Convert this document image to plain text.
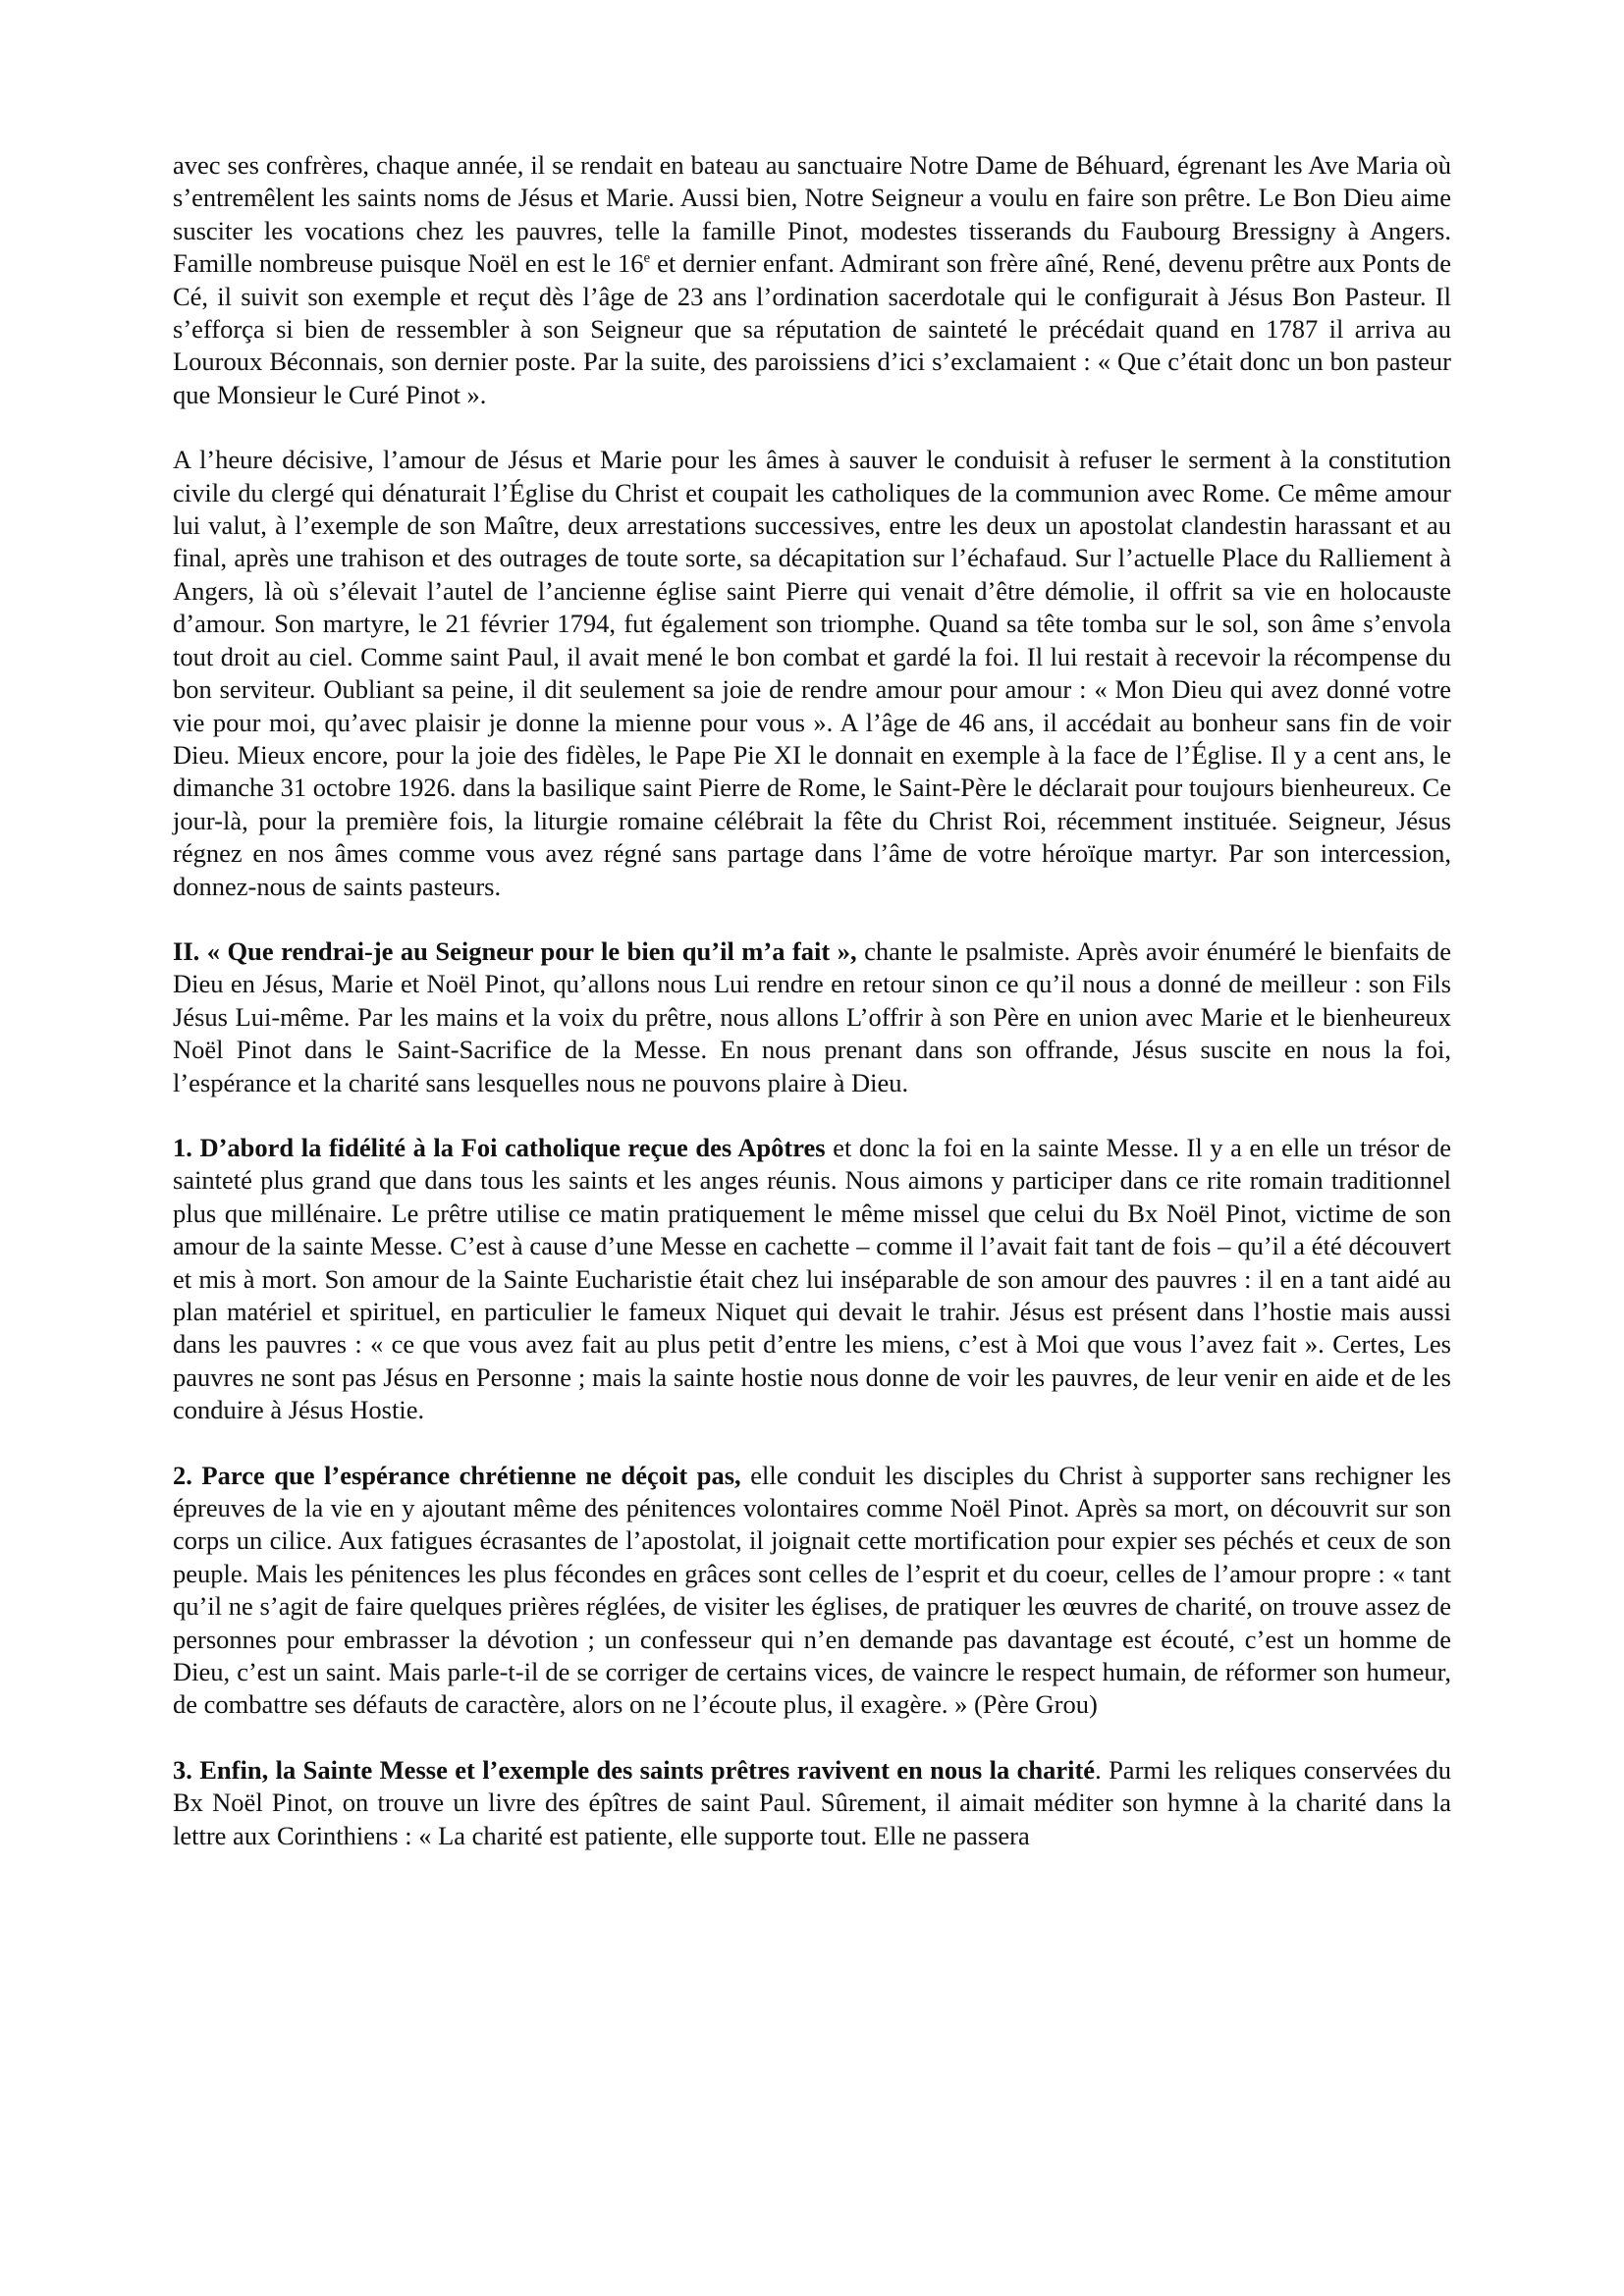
avec ses confrères, chaque année, il se rendait en bateau au sanctuaire Notre Dame de Béhuard, égrenant les Ave Maria où s’entremêlent les saints noms de Jésus et Marie. Aussi bien, Notre Seigneur a voulu en faire son prêtre. Le Bon Dieu aime susciter les vocations chez les pauvres, telle la famille Pinot, modestes tisserands du Faubourg Bressigny à Angers. Famille nombreuse puisque Noël en est le 16e et dernier enfant. Admirant son frère aîné, René, devenu prêtre aux Ponts de Cé, il suivit son exemple et reçut dès l’âge de 23 ans l’ordination sacerdotale qui le configurait à Jésus Bon Pasteur. Il s’efforça si bien de ressembler à son Seigneur que sa réputation de sainteté le précédait quand en 1787 il arriva au Louroux Béconnais, son dernier poste. Par la suite, des paroissiens d’ici s’exclamaient : « Que c’était donc un bon pasteur que Monsieur le Curé Pinot ».

A l’heure décisive, l’amour de Jésus et Marie pour les âmes à sauver le conduisit à refuser le serment à la constitution civile du clergé qui dénaturait l’Église du Christ et coupait les catholiques de la communion avec Rome. Ce même amour lui valut, à l’exemple de son Maître, deux arrestations successives, entre les deux un apostolat clandestin harassant et au final, après une trahison et des outrages de toute sorte, sa décapitation sur l’échafaud. Sur l’actuelle Place du Ralliement à Angers, là où s’élevait l’autel de l’ancienne église saint Pierre qui venait d’être démolie, il offrit sa vie en holocauste d’amour. Son martyre, le 21 février 1794, fut également son triomphe. Quand sa tête tomba sur le sol, son âme s’envola tout droit au ciel. Comme saint Paul, il avait mené le bon combat et gardé la foi. Il lui restait à recevoir la récompense du bon serviteur. Oubliant sa peine, il dit seulement sa joie de rendre amour pour amour : « Mon Dieu qui avez donné votre vie pour moi, qu’avec plaisir je donne la mienne pour vous ». A l’âge de 46 ans, il accédait au bonheur sans fin de voir Dieu. Mieux encore, pour la joie des fidèles, le Pape Pie XI le donnait en exemple à la face de l’Église. Il y a cent ans, le dimanche 31 octobre 1926. dans la basilique saint Pierre de Rome, le Saint-Père le déclarait pour toujours bienheureux. Ce jour-là, pour la première fois, la liturgie romaine célébrait la fête du Christ Roi, récemment instituée. Seigneur, Jésus régnez en nos âmes comme vous avez régné sans partage dans l’âme de votre héroïque martyr. Par son intercession, donnez-nous de saints pasteurs.

II. « Que rendrai-je au Seigneur pour le bien qu’il m’a fait », chante le psalmiste. Après avoir énuméré le bienfaits de Dieu en Jésus, Marie et Noël Pinot, qu’allons nous Lui rendre en retour sinon ce qu’il nous a donné de meilleur : son Fils Jésus Lui-même. Par les mains et la voix du prêtre, nous allons L’offrir à son Père en union avec Marie et le bienheureux Noël Pinot dans le Saint-Sacrifice de la Messe. En nous prenant dans son offrande, Jésus suscite en nous la foi, l’espérance et la charité sans lesquelles nous ne pouvons plaire à Dieu.

1. D’abord la fidélité à la Foi catholique reçue des Apôtres et donc la foi en la sainte Messe. Il y a en elle un trésor de sainteté plus grand que dans tous les saints et les anges réunis. Nous aimons y participer dans ce rite romain traditionnel plus que millénaire. Le prêtre utilise ce matin pratiquement le même missel que celui du Bx Noël Pinot, victime de son amour de la sainte Messe. C’est à cause d’une Messe en cachette – comme il l’avait fait tant de fois – qu’il a été découvert et mis à mort. Son amour de la Sainte Eucharistie était chez lui inséparable de son amour des pauvres : il en a tant aidé au plan matériel et spirituel, en particulier le fameux Niquet qui devait le trahir. Jésus est présent dans l’hostie mais aussi dans les pauvres : « ce que vous avez fait au plus petit d’entre les miens, c’est à Moi que vous l’avez fait ». Certes, Les pauvres ne sont pas Jésus en Personne ; mais la sainte hostie nous donne de voir les pauvres, de leur venir en aide et de les conduire à Jésus Hostie.

2. Parce que l’espérance chrétienne ne déçoit pas, elle conduit les disciples du Christ à supporter sans rechigner les épreuves de la vie en y ajoutant même des pénitences volontaires comme Noël Pinot. Après sa mort, on découvrit sur son corps un cilice. Aux fatigues écrasantes de l’apostolat, il joignait cette mortification pour expier ses péchés et ceux de son peuple. Mais les pénitences les plus fécondes en grâces sont celles de l’esprit et du coeur, celles de l’amour propre : « tant qu’il ne s’agit de faire quelques prières réglées, de visiter les églises, de pratiquer les œuvres de charité, on trouve assez de personnes pour embrasser la dévotion ; un confesseur qui n’en demande pas davantage est écouté, c’est un homme de Dieu, c’est un saint. Mais parle-t-il de se corriger de certains vices, de vaincre le respect humain, de réformer son humeur, de combattre ses défauts de caractère, alors on ne l’écoute plus, il exagère. » (Père Grou)

3. Enfin, la Sainte Messe et l’exemple des saints prêtres ravivent en nous la charité. Parmi les reliques conservées du Bx Noël Pinot, on trouve un livre des épîtres de saint Paul. Sûrement, il aimait méditer son hymne à la charité dans la lettre aux Corinthiens : « La charité est patiente, elle supporte tout. Elle ne passera
